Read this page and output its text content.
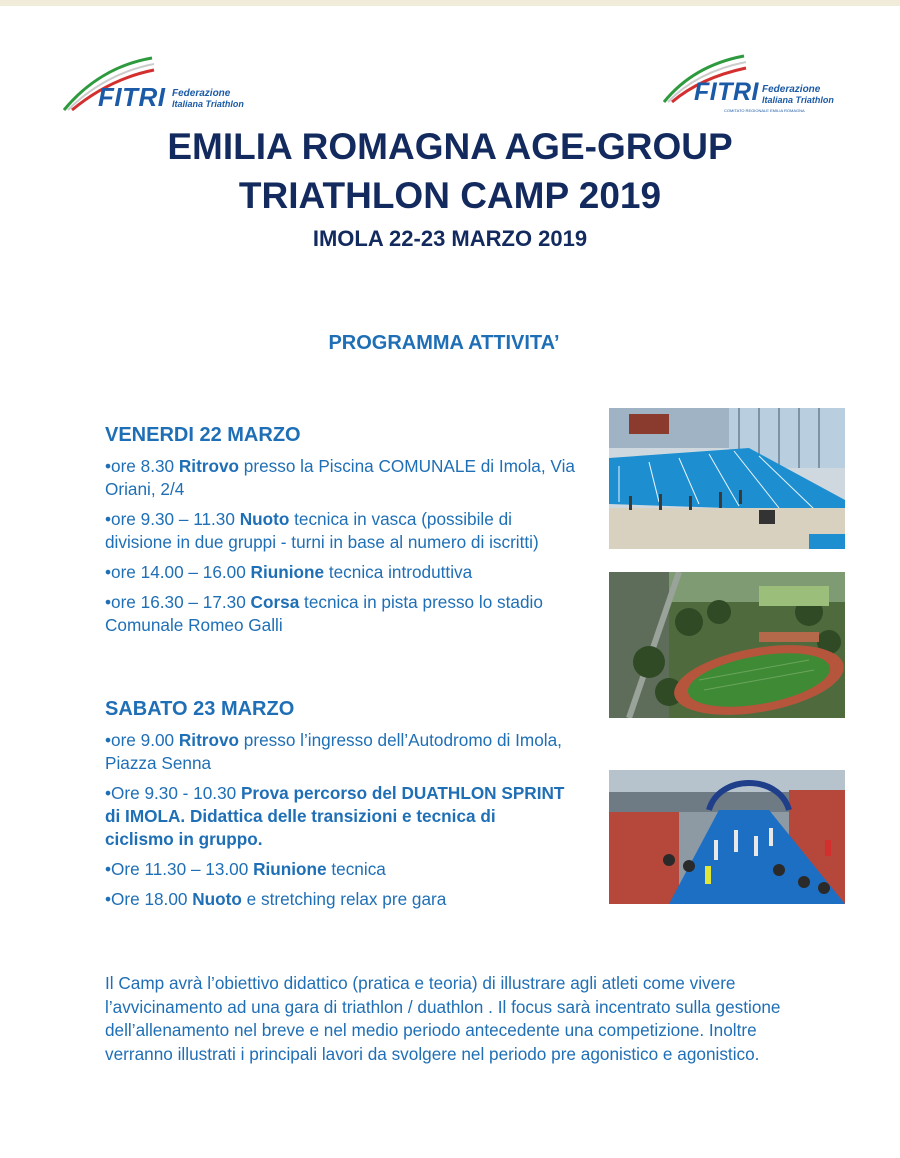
FITRI Federazione
Italiana Triathlon	FITRI Federazione
Italiana Triathlon
COMITATO REGIONALE EMILIA ROMAGNA
EMILIA ROMAGNA AGE-GROUP
TRIATHLON CAMP 2019
IMOLA 22-23 MARZO 2019
PROGRAMMA ATTIVITA’
VENERDI 22 MARZO
•ore 8.30 Ritrovo presso la Piscina COMUNALE di Imola, Via Oriani, 2/4
•ore 9.30 – 11.30 Nuoto tecnica in vasca (possibile di divisione in due gruppi - turni in base al numero di iscritti)
•ore 14.00 – 16.00 Riunione tecnica introduttiva
•ore 16.30 – 17.30 Corsa tecnica in pista presso lo stadio Comunale Romeo Galli
SABATO 23 MARZO
•ore 9.00 Ritrovo presso l’ingresso dell’Autodromo di Imola, Piazza Senna
•Ore 9.30 - 10.30 Prova percorso del DUATHLON SPRINT di IMOLA. Didattica delle transizioni e tecnica di ciclismo in gruppo.
•Ore 11.30 – 13.00 Riunione tecnica
•Ore 18.00 Nuoto e stretching relax pre gara

Il Camp avrà l’obiettivo didattico (pratica e teoria) di illustrare agli atleti come vivere l’avvicinamento ad una gara di triathlon / duathlon . Il focus sarà incentrato sulla gestione dell’allenamento nel breve e nel medio periodo antecedente una competizione. Inoltre verranno illustrati i principali lavori da svolgere nel periodo pre agonistico e agonistico.
